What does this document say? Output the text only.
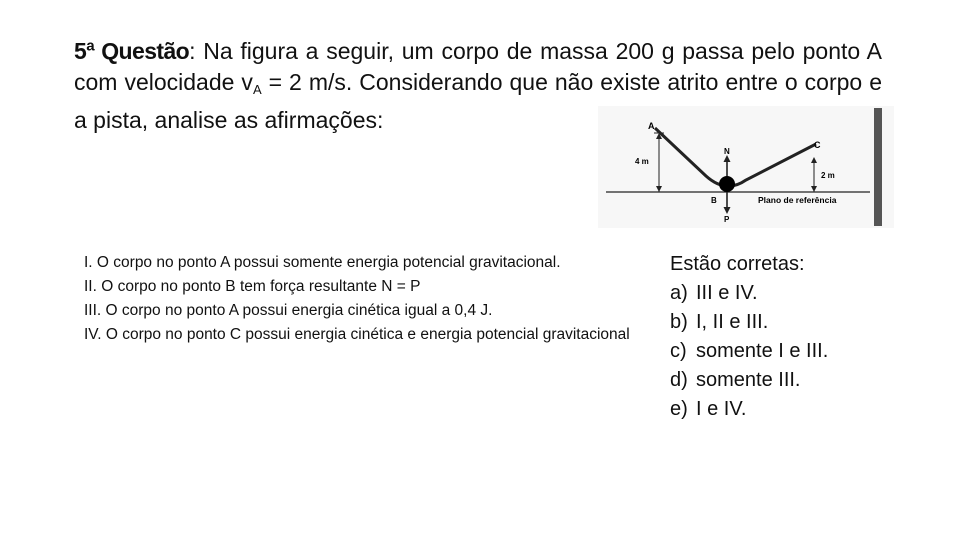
5ª Questão: Na figura a seguir, um corpo de massa 200 g passa pelo ponto A com velocidade $v_A = 2$ m/s. Considerando que não existe atrito entre o corpo e a pista, analise as afirmações:	A
4 m
N
C
2 m
B
P
Plano de referência

I. O corpo no ponto A possui somente energia potencial gravitacional.

II. O corpo no ponto B tem força resultante N = P

III. O corpo no ponto A possui energia cinética igual a 0,4 J.

IV. O corpo no ponto C possui energia cinética e energia potencial gravitacional

Estão corretas:
a) III e IV.
b) I, II e III.
c) somente I e III.
d) somente III.
e) I e IV.
